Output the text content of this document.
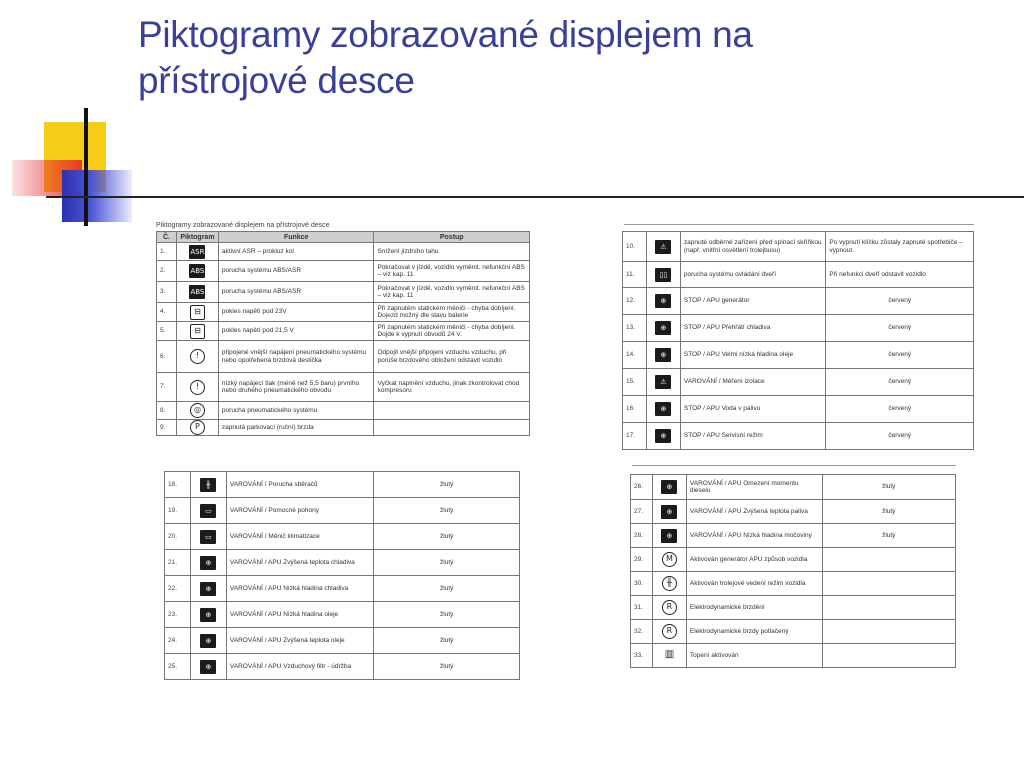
Piktogramy zobrazované displejem na
přístrojové desce
Piktogramy zobrazované displejem na přístrojové desce
Č.	Piktogram	Funkce	Postup
1.	ASR	aktivní ASR – prokluz kol	Snížení jízdního tahu
2.	ABS	porucha systému ABS/ASR	Pokračovat v jízdě, vozidlo vyměnit. nefunkční ABS – viz kap. 11
3.	ABS	porucha systému ABS/ASR	Pokračovat v jízdě, vozidlo vyměnit. nefunkční ABS – viz kap. 11
4.	⊟	pokles napětí pod 23V	Při zapnutém statickém měniči - chyba dobíjení. Dojezd možný dle stavu baterie
5.	⊟	pokles napětí pod 21,5 V	Při zapnutém statickém měniči - chyba dobíjení. Dojde k vypnutí obvodů 24 V.
6.	!	připojené vnější napájení pneumatického systému nebo opotřebená brzdová destička	Odpojit vnější připojení vzduchu vzduchu, při poruše brzdového obložení odstavit vozidlo
7.	!	nízký napájecí tlak (méně než 5,5 baru) prvního nebo druhého pneumatického obvodu	Vyčkat naplnění vzduchu, jinak zkontrolovat chod kompresoru
8.	◎	porucha pneumatického systému	
9.	P	zapnutá parkovací (ruční) brzda	
10.	⚠	zapnuté odběrné zařízení před spínací skříňkou (např. vnitřní osvětlení trolejbusu)	Po vypnutí klíčku zůstaly zapnuté spotřebiče – vypnout.
11.	▯▯	porucha systému ovládání dveří	Při nefunkci dveří odstavit vozidlo
12.	⊕	STOP / APU generátor	červený
13.	⊕	STOP / APU Přehřátí chladiva	červený
14.	⊕	STOP / APU Velmi nízká hladina oleje	červený
15.	⚠	VAROVÁNÍ / Měření izolace	červený
16.	⊕	STOP / APU Voda v palivu	červený
17.	⊕	STOP / APU Servisní režim	červený
18.	╫	VAROVÁNÍ / Porucha sběračů	žlutý
19.	▭	VAROVÁNÍ / Pomocné pohony	žlutý
20.	▭	VAROVÁNÍ / Měnič klimatizace	žlutý
21.	⊕	VAROVÁNÍ / APU Zvýšená teplota chladiva	žlutý
22.	⊕	VAROVÁNÍ / APU Nízká hladina chladiva	žlutý
23.	⊕	VAROVÁNÍ / APU Nízká hladina oleje	žlutý
24.	⊕	VAROVÁNÍ / APU Zvýšená teplota oleje	žlutý
25.	⊕	VAROVÁNÍ / APU Vzduchový filtr - údržba	žlutý
26.	⊕	VAROVÁNÍ / APU Omezení momentu dieselu	žlutý
27.	⊕	VAROVÁNÍ / APU Zvýšená teplota paliva	žlutý
28.	⊕	VAROVÁNÍ / APU Nízká hladina močoviny	žlutý
29.	M	Aktivován generátor APU způsob vozidla	
30.	╫	Aktivován trolejové vedení režim vozidla	
31.	R	Elektrodynamické brzdění	
32.	R	Elektrodynamické brzdy potlačený	
33.	▥	Topení aktivován	
